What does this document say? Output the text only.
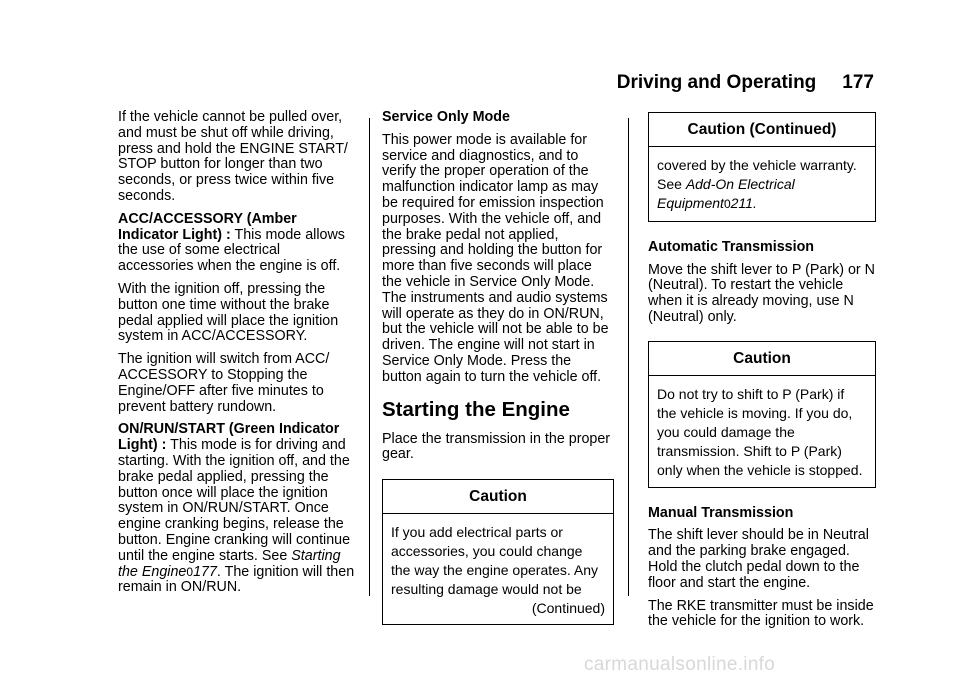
Driving and Operating 177

If the vehicle cannot be pulled over, and must be shut off while driving, press and hold the ENGINE START/ STOP button for longer than two seconds, or press twice within five seconds.

ACC/ACCESSORY (Amber Indicator Light) : This mode allows the use of some electrical accessories when the engine is off.

With the ignition off, pressing the button one time without the brake pedal applied will place the ignition system in ACC/ACCESSORY.

The ignition will switch from ACC/ ACCESSORY to Stopping the Engine/OFF after five minutes to prevent battery rundown.

ON/RUN/START (Green Indicator Light) : This mode is for driving and starting. With the ignition off, and the brake pedal applied, pressing the button once will place the ignition system in ON/RUN/START. Once engine cranking begins, release the button. Engine cranking will continue until the engine starts. See Starting the Engine0177. The ignition will then remain in ON/RUN.

Service Only Mode

This power mode is available for service and diagnostics, and to verify the proper operation of the malfunction indicator lamp as may be required for emission inspection purposes. With the vehicle off, and the brake pedal not applied, pressing and holding the button for more than five seconds will place the vehicle in Service Only Mode. The instruments and audio systems will operate as they do in ON/RUN, but the vehicle will not be able to be driven. The engine will not start in Service Only Mode. Press the button again to turn the vehicle off.

Starting the Engine

Place the transmission in the proper gear.

Caution
If you add electrical parts or accessories, you could change the way the engine operates. Any resulting damage would not be
(Continued)
Caution (Continued)
covered by the vehicle warranty.
See Add-On Electrical Equipment0211.
Automatic Transmission

Move the shift lever to P (Park) or N (Neutral). To restart the vehicle when it is already moving, use N (Neutral) only.

Caution
Do not try to shift to P (Park) if the vehicle is moving. If you do, you could damage the transmission. Shift to P (Park) only when the vehicle is stopped.
Manual Transmission

The shift lever should be in Neutral and the parking brake engaged. Hold the clutch pedal down to the floor and start the engine.

The RKE transmitter must be inside the vehicle for the ignition to work.

carmanualsonline.info
